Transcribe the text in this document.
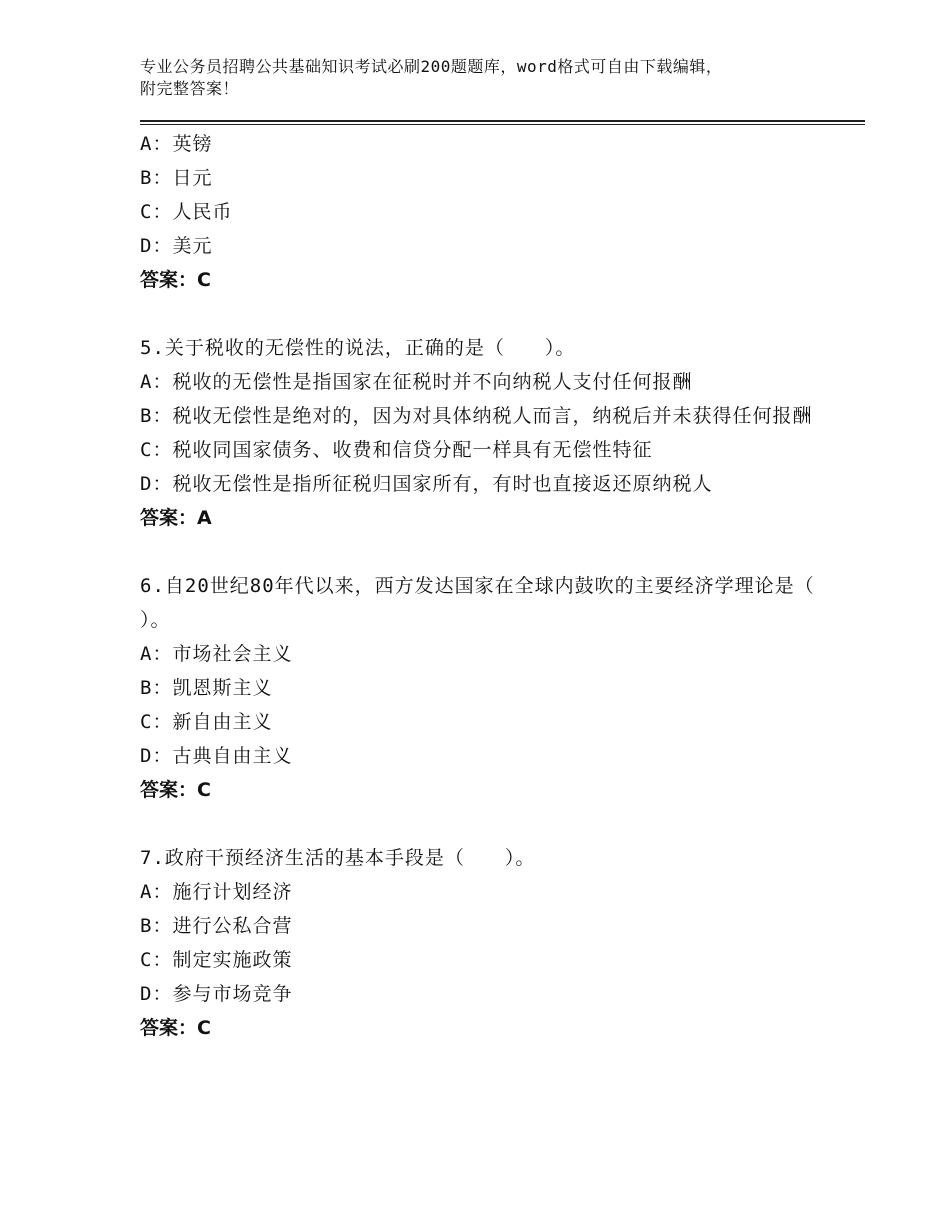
专业公务员招聘公共基础知识考试必刷200题题库，word格式可自由下载编辑，
附完整答案！
A：英镑
B：日元
C：人民币
D：美元
答案：C
5.关于税收的无偿性的说法，正确的是（　　）。
A：税收的无偿性是指国家在征税时并不向纳税人支付任何报酬
B：税收无偿性是绝对的，因为对具体纳税人而言，纳税后并未获得任何报酬
C：税收同国家债务、收费和信贷分配一样具有无偿性特征
D：税收无偿性是指所征税归国家所有，有时也直接返还原纳税人
答案：A
6.自20世纪80年代以来，西方发达国家在全球内鼓吹的主要经济学理论是（ ）。
A：市场社会主义
B：凯恩斯主义
C：新自由主义
D：古典自由主义
答案：C
7.政府干预经济生活的基本手段是（　　）。
A：施行计划经济
B：进行公私合营
C：制定实施政策
D：参与市场竞争
答案：C
